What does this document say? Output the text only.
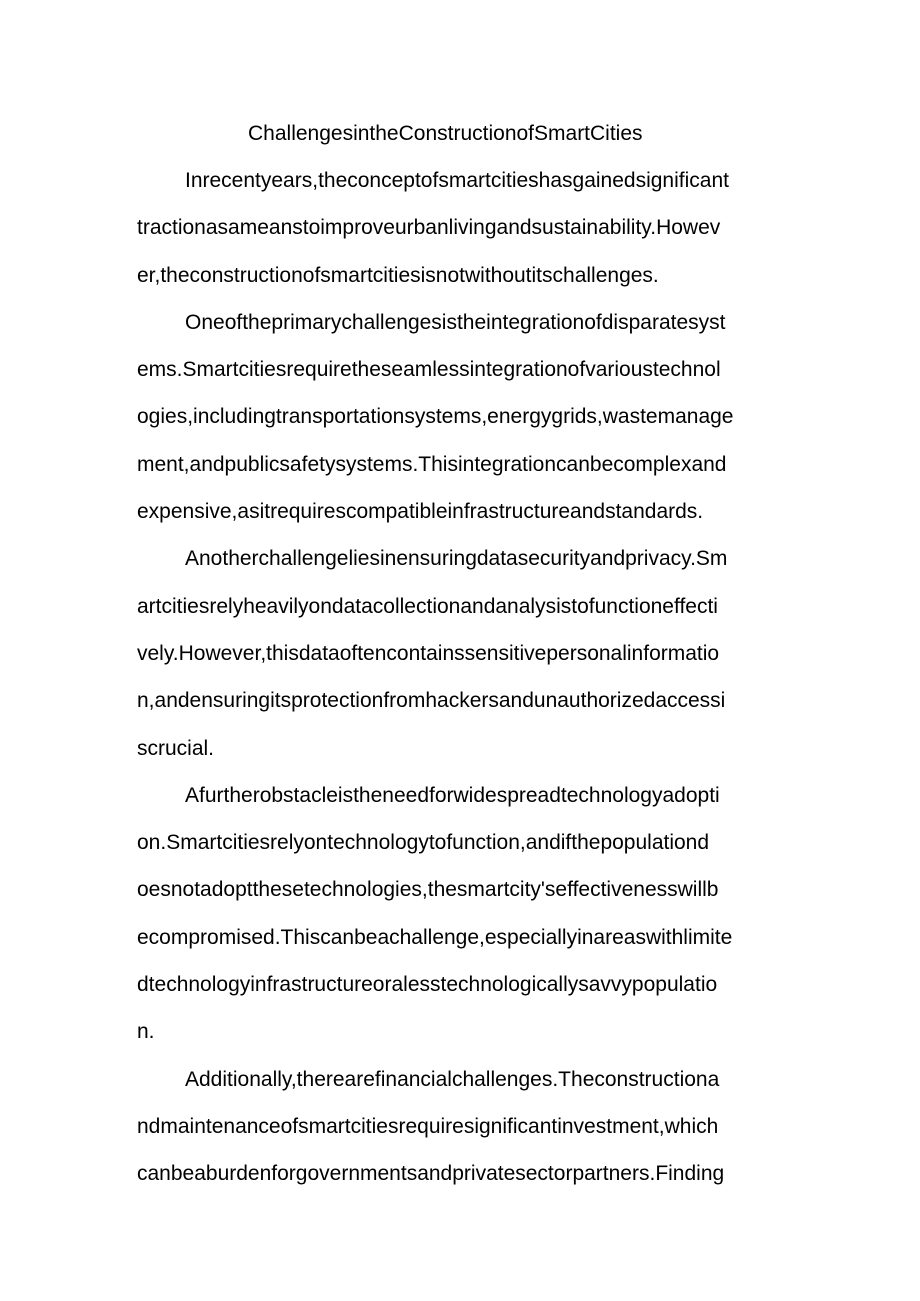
ChallengesintheConstructionofSmartCities
Inrecentyears,theconceptofsmartcitieshasgainedsignificant
tractionasameanstoimproveurbanlivingandsustainability.Howev
er,theconstructionofsmartcitiesisnotwithoutitschallenges.
Oneoftheprimarychallengesistheintegrationofdisparatesyst
ems.Smartcitiesrequiretheseamlessintegrationofvarioustechnol
ogies,includingtransportationsystems,energygrids,wastemanage
ment,andpublicsafetysystems.Thisintegrationcanbecomplexand
expensive,asitrequirescompatibleinfrastructureandstandards.
Anotherchallengeliesinensuringdatasecurityandprivacy.Sm
artcitiesrelyheavilyondatacollectionandanalysistofunctioneffecti
vely.However,thisdataoftencontainssensitivepersonalinformatio
n,andensuringitsprotectionfromhackersandunauthorizedaccessi
scrucial.
Afurtherobstacleistheneedforwidespreadtechnologyadopti
on.Smartcitiesrelyontechnologytofunction,andifthepopulationd
oesnotadoptthesetechnologies,thesmartcity'seffectivenesswillb
ecompromised.Thiscanbeachallenge,especiallyinareaswithlimite
dtechnologyinfrastructureoralesstechnologicallysavvypopulatio
n.
Additionally,therearefinancialchallenges.Theconstructiona
ndmaintenanceofsmartcitiesrequiresignificantinvestment,which
canbeaburdenforgovernmentsandprivatesectorpartners.Finding
